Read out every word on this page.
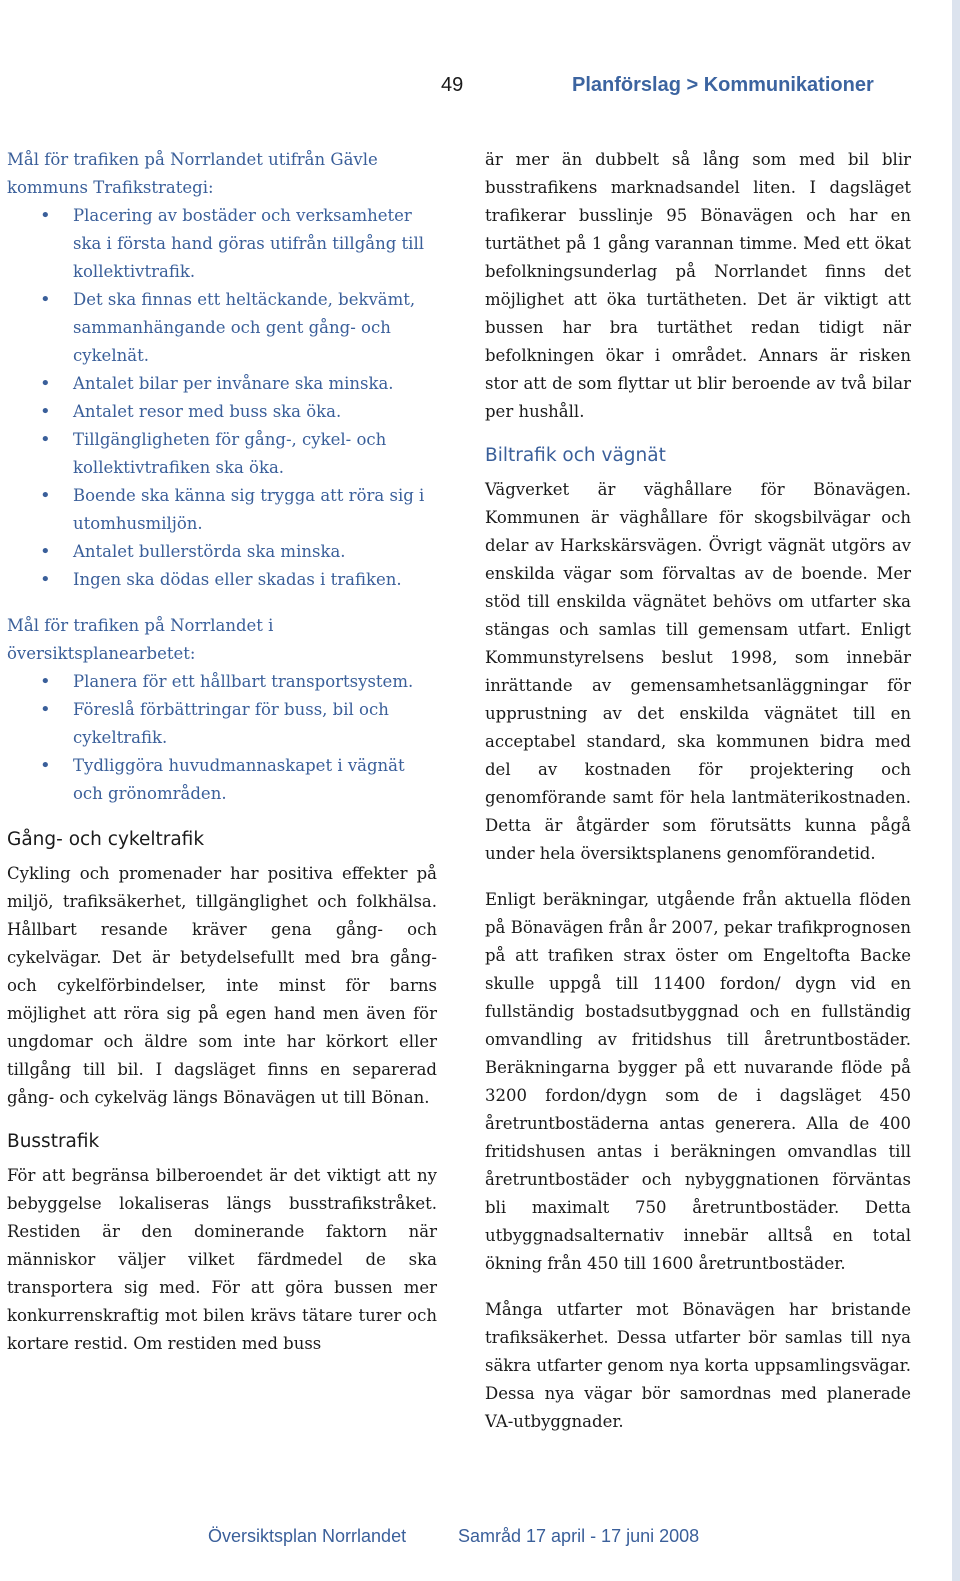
49	Planförslag > Kommunikationer
Mål för trafiken på Norrlandet utifrån Gävle kommuns Trafikstrategi:
• Placering av bostäder och verksamheter ska i första hand göras utifrån tillgång till kollektivtrafik.
• Det ska finnas ett heltäckande, bekvämt, sammanhängande och gent gång- och cykelnät.
• Antalet bilar per invånare ska minska.
• Antalet resor med buss ska öka.
• Tillgängligheten för gång-, cykel- och kollektivtrafiken ska öka.
• Boende ska känna sig trygga att röra sig i utomhusmiljön.
• Antalet bullerstörda ska minska.
• Ingen ska dödas eller skadas i trafiken.
Mål för trafiken på Norrlandet i översiktsplanearbetet:
• Planera för ett hållbart transportsystem.
• Föreslå förbättringar för buss, bil och cykeltrafik.
• Tydliggöra huvudmannaskapet i vägnät och grönområden.
Gång- och cykeltrafik

Cykling och promenader har positiva effekter på miljö, trafiksäkerhet, tillgänglighet och folkhälsa. Hållbart resande kräver gena gång- och cykelvägar. Det är betydelsefullt med bra gång- och cykelförbindelser, inte minst för barns möjlighet att röra sig på egen hand men även för ungdomar och äldre som inte har körkort eller tillgång till bil. I dagsläget finns en separerad gång- och cykelväg längs Bönavägen ut till Bönan.

Busstrafik

För att begränsa bilberoendet är det viktigt att ny bebyggelse lokaliseras längs busstrafikstråket. Restiden är den dominerande faktorn när människor väljer vilket färdmedel de ska transportera sig med. För att göra bussen mer konkurrenskraftig mot bilen krävs tätare turer och kortare restid. Om restiden med buss

är mer än dubbelt så lång som med bil blir busstrafikens marknadsandel liten. I dagsläget trafikerar busslinje 95 Bönavägen och har en turtäthet på 1 gång varannan timme. Med ett ökat befolkningsunderlag på Norrlandet finns det möjlighet att öka turtätheten. Det är viktigt att bussen har bra turtäthet redan tidigt när befolkningen ökar i området. Annars är risken stor att de som flyttar ut blir beroende av två bilar per hushåll.

Biltrafik och vägnät

Vägverket är väghållare för Bönavägen. Kommunen är väghållare för skogsbilvägar och delar av Harkskärsvägen. Övrigt vägnät utgörs av enskilda vägar som förvaltas av de boende. Mer stöd till enskilda vägnätet behövs om utfarter ska stängas och samlas till gemensam utfart. Enligt Kommunstyrelsens beslut 1998, som innebär inrättande av gemensamhetsanläggningar för upprustning av det enskilda vägnätet till en acceptabel standard, ska kommunen bidra med del av kostnaden för projektering och genomförande samt för hela lantmäterikostnaden. Detta är åtgärder som förutsätts kunna pågå under hela översiktsplanens genomförandetid.

Enligt beräkningar, utgående från aktuella flöden på Bönavägen från år 2007, pekar trafikprognosen på att trafiken strax öster om Engeltofta Backe skulle uppgå till 11400 fordon/ dygn vid en fullständig bostadsutbyggnad och en fullständig omvandling av fritidshus till åretruntbostäder. Beräkningarna bygger på ett nuvarande flöde på 3200 fordon/dygn som de i dagsläget 450 åretruntbostäderna antas generera. Alla de 400 fritidshusen antas i beräkningen omvandlas till åretruntbostäder och nybyggnationen förväntas bli maximalt 750 åretruntbostäder. Detta utbyggnadsalternativ innebär alltså en total ökning från 450 till 1600 åretruntbostäder.

Många utfarter mot Bönavägen har bristande trafiksäkerhet. Dessa utfarter bör samlas till nya säkra utfarter genom nya korta uppsamlingsvägar. Dessa nya vägar bör samordnas med planerade VA-utbyggnader.

Översiktsplan Norrlandet	Samråd 17 april - 17 juni 2008
